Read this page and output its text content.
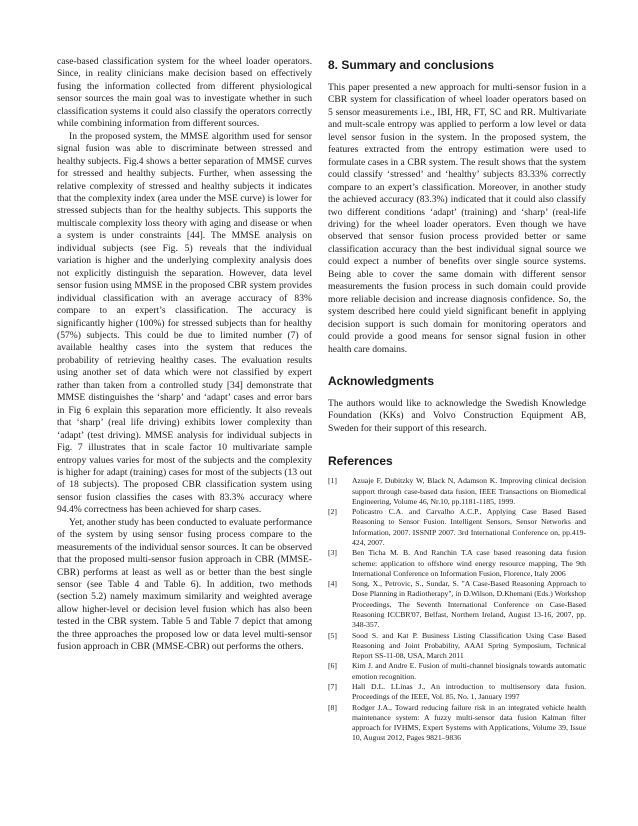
case-based classification system for the wheel loader operators. Since, in reality clinicians make decision based on effectively fusing the information collected from different physiological sensor sources the main goal was to investigate whether in such classification systems it could also classify the operators correctly while combining information from different sources.

In the proposed system, the MMSE algorithm used for sensor signal fusion was able to discriminate between stressed and healthy subjects. Fig.4 shows a better separation of MMSE curves for stressed and healthy subjects. Further, when assessing the relative complexity of stressed and healthy subjects it indicates that the complexity index (area under the MSE curve) is lower for stressed subjects than for the healthy subjects. This supports the multiscale complexity loss theory with aging and disease or when a system is under constraints [44]. The MMSE analysis on individual subjects (see Fig. 5) reveals that the individual variation is higher and the underlying complexity analysis does not explicitly distinguish the separation. However, data level sensor fusion using MMSE in the proposed CBR system provides individual classification with an average accuracy of 83% compare to an expert’s classification. The accuracy is significantly higher (100%) for stressed subjects than for healthy (57%) subjects. This could be due to limited number (7) of available healthy cases into the system that reduces the probability of retrieving healthy cases. The evaluation results using another set of data which were not classified by expert rather than taken from a controlled study [34] demonstrate that MMSE distinguishes the ‘sharp’ and ‘adapt’ cases and error bars in Fig 6 explain this separation more efficiently. It also reveals that ‘sharp’ (real life driving) exhibits lower complexity than ‘adapt’ (test driving). MMSE analysis for individual subjects in Fig. 7 illustrates that in scale factor 10 multivariate sample entropy values varies for most of the subjects and the complexity is higher for adapt (training) cases for most of the subjects (13 out of 18 subjects). The proposed CBR classification system using sensor fusion classifies the cases with 83.3% accuracy where 94.4% correctness has been achieved for sharp cases.

Yet, another study has been conducted to evaluate performance of the system by using sensor fusing process compare to the measurements of the individual sensor sources. It can be observed that the proposed multi-sensor fusion approach in CBR (MMSE-CBR) performs at least as well as or better than the best single sensor (see Table 4 and Table 6). In addition, two methods (section 5.2) namely maximum similarity and weighted average allow higher-level or decision level fusion which has also been tested in the CBR system. Table 5 and Table 7 depict that among the three approaches the proposed low or data level multi-sensor fusion approach in CBR (MMSE-CBR) out performs the others.

8. Summary and conclusions

This paper presented a new approach for multi-sensor fusion in a CBR system for classification of wheel loader operators based on 5 sensor measurements i.e., IBI, HR, FT, SC and RR. Multivariate and mult-scale entropy was applied to perform a low level or data level sensor fusion in the system. In the proposed system, the features extracted from the entropy estimation were used to formulate cases in a CBR system. The result shows that the system could classify ‘stressed’ and ‘healthy’ subjects 83.33% correctly compare to an expert’s classification. Moreover, in another study the achieved accuracy (83.3%) indicated that it could also classify two different conditions ‘adapt’ (training) and ‘sharp’ (real-life driving) for the wheel loader operators. Even though we have observed that sensor fusion process provided better or same classification accuracy than the best individual signal source we could expect a number of benefits over single source systems. Being able to cover the same domain with different sensor measurements the fusion process in such domain could provide more reliable decision and increase diagnosis confidence. So, the system described here could yield significant benefit in applying decision support is such domain for monitoring operators and could provide a good means for sensor signal fusion in other health care domains.

Acknowledgments

The authors would like to acknowledge the Swedish Knowledge Foundation (KKs) and Volvo Construction Equipment AB, Sweden for their support of this research.

References
[1]	Azuaje F, Dubitzky W, Black N, Adamson K. Improving clinical decision support through case-based data fusion, IEEE Transactions on Biomedical Engineering, Volume 46, Nr.10, pp.1181-1185, 1999.
[2]	Policastro C.A. and Carvalho A.C.P., Applying Case Based Based Reasoning to Sensor Fusion. Intelligent Sensors, Sensor Networks and Information, 2007. ISSNIP 2007. 3rd International Conference on, pp.419-424, 2007.
[3]	Ben Ticha M. B. And Ranchin T.A case based reasoning data fusion scheme: application to offshore wind energy resource mapping, The 9th International Conference on Information Fusion, Florence, Italy 2006
[4]	Song, X., Petrovic, S., Sundar, S. "A Case-Based Reasoning Approach to Dose Planning in Radiotherapy", in D.Wilson, D.Khemani (Eds.) Workshop Proceedings, The Seventh International Conference on Case-Based Reasoning ICCBR'07, Belfast, Northern Ireland, August 13-16, 2007, pp. 348-357.
[5]	Sood S. and Kat P. Business Listing Classification Using Case Based Reasoning and Joint Probability, AAAI Spring Symposium, Technical Report SS-11-08, USA, March 2011
[6]	Kim J. and Andre E. Fusion of multi-channel biosignals towards automatic emotion recognition.
[7]	Hall D.L. LLinas J., An introduction to multisensory data fusion. Proceedings of the IEEE, Vol. 85, No. 1, January 1997
[8]	Rodger J.A., Toward reducing failure risk in an integrated vehicle health maintenance system: A fuzzy multi-sensor data fusion Kalman filter approach for IVHMS, Expert Systems with Applications, Volume 39, Issue 10, August 2012, Pages 9821–9836
